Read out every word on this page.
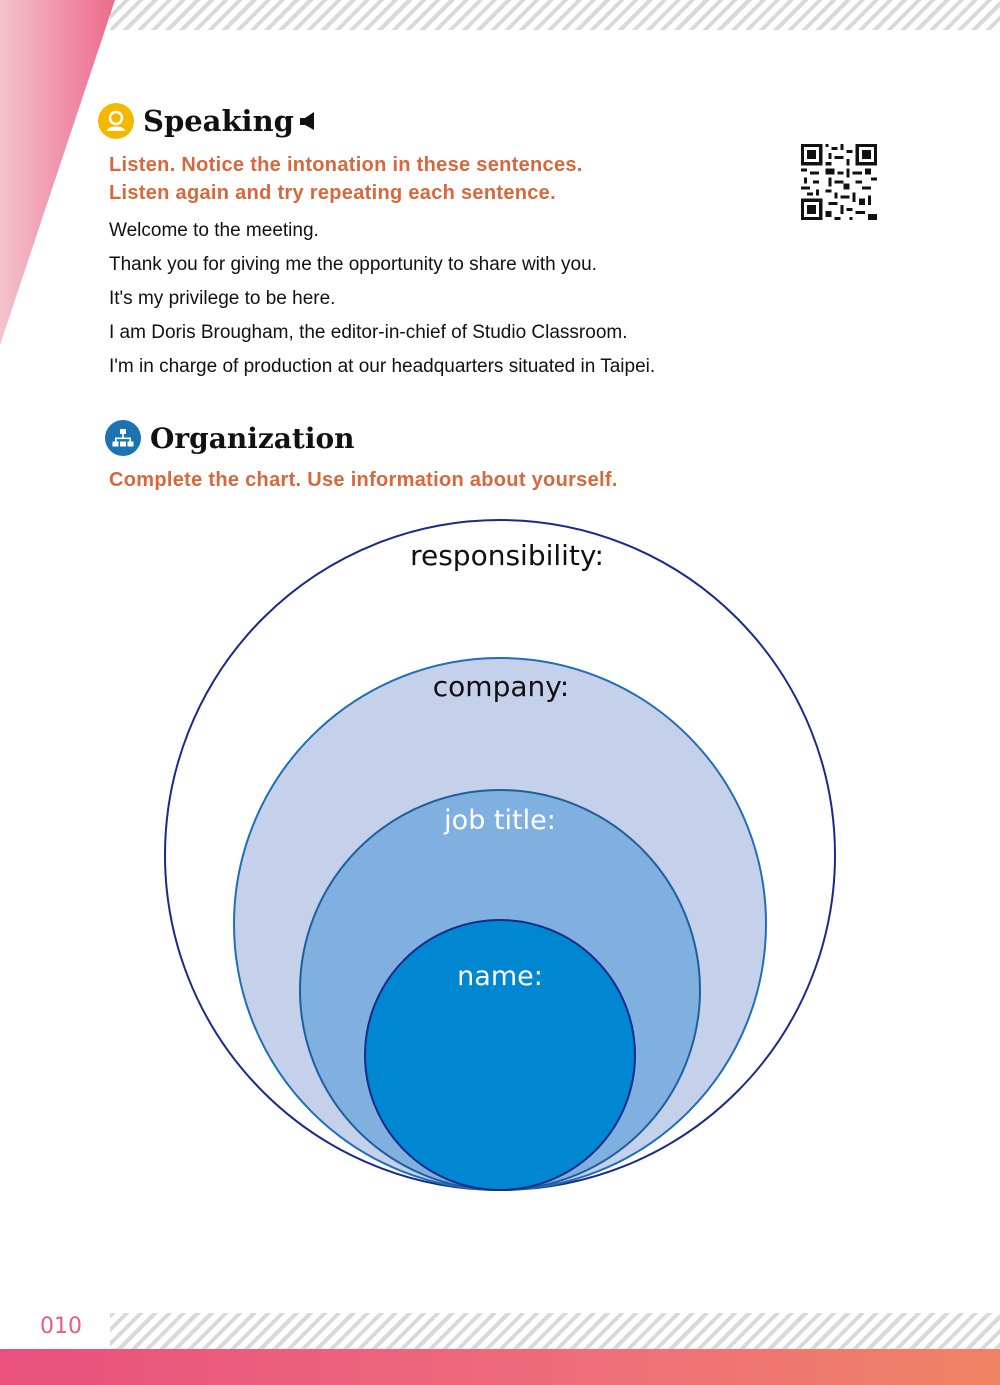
Speaking
Listen. Notice the intonation in these sentences.
Listen again and try repeating each sentence.
Welcome to the meeting.
Thank you for giving me the opportunity to share with you.
It's my privilege to be here.
I am Doris Brougham, the editor-in-chief of Studio Classroom.
I'm in charge of production at our headquarters situated in Taipei.
Organization
Complete the chart. Use information about yourself.
responsibility:
company:
job title:
name:
010
